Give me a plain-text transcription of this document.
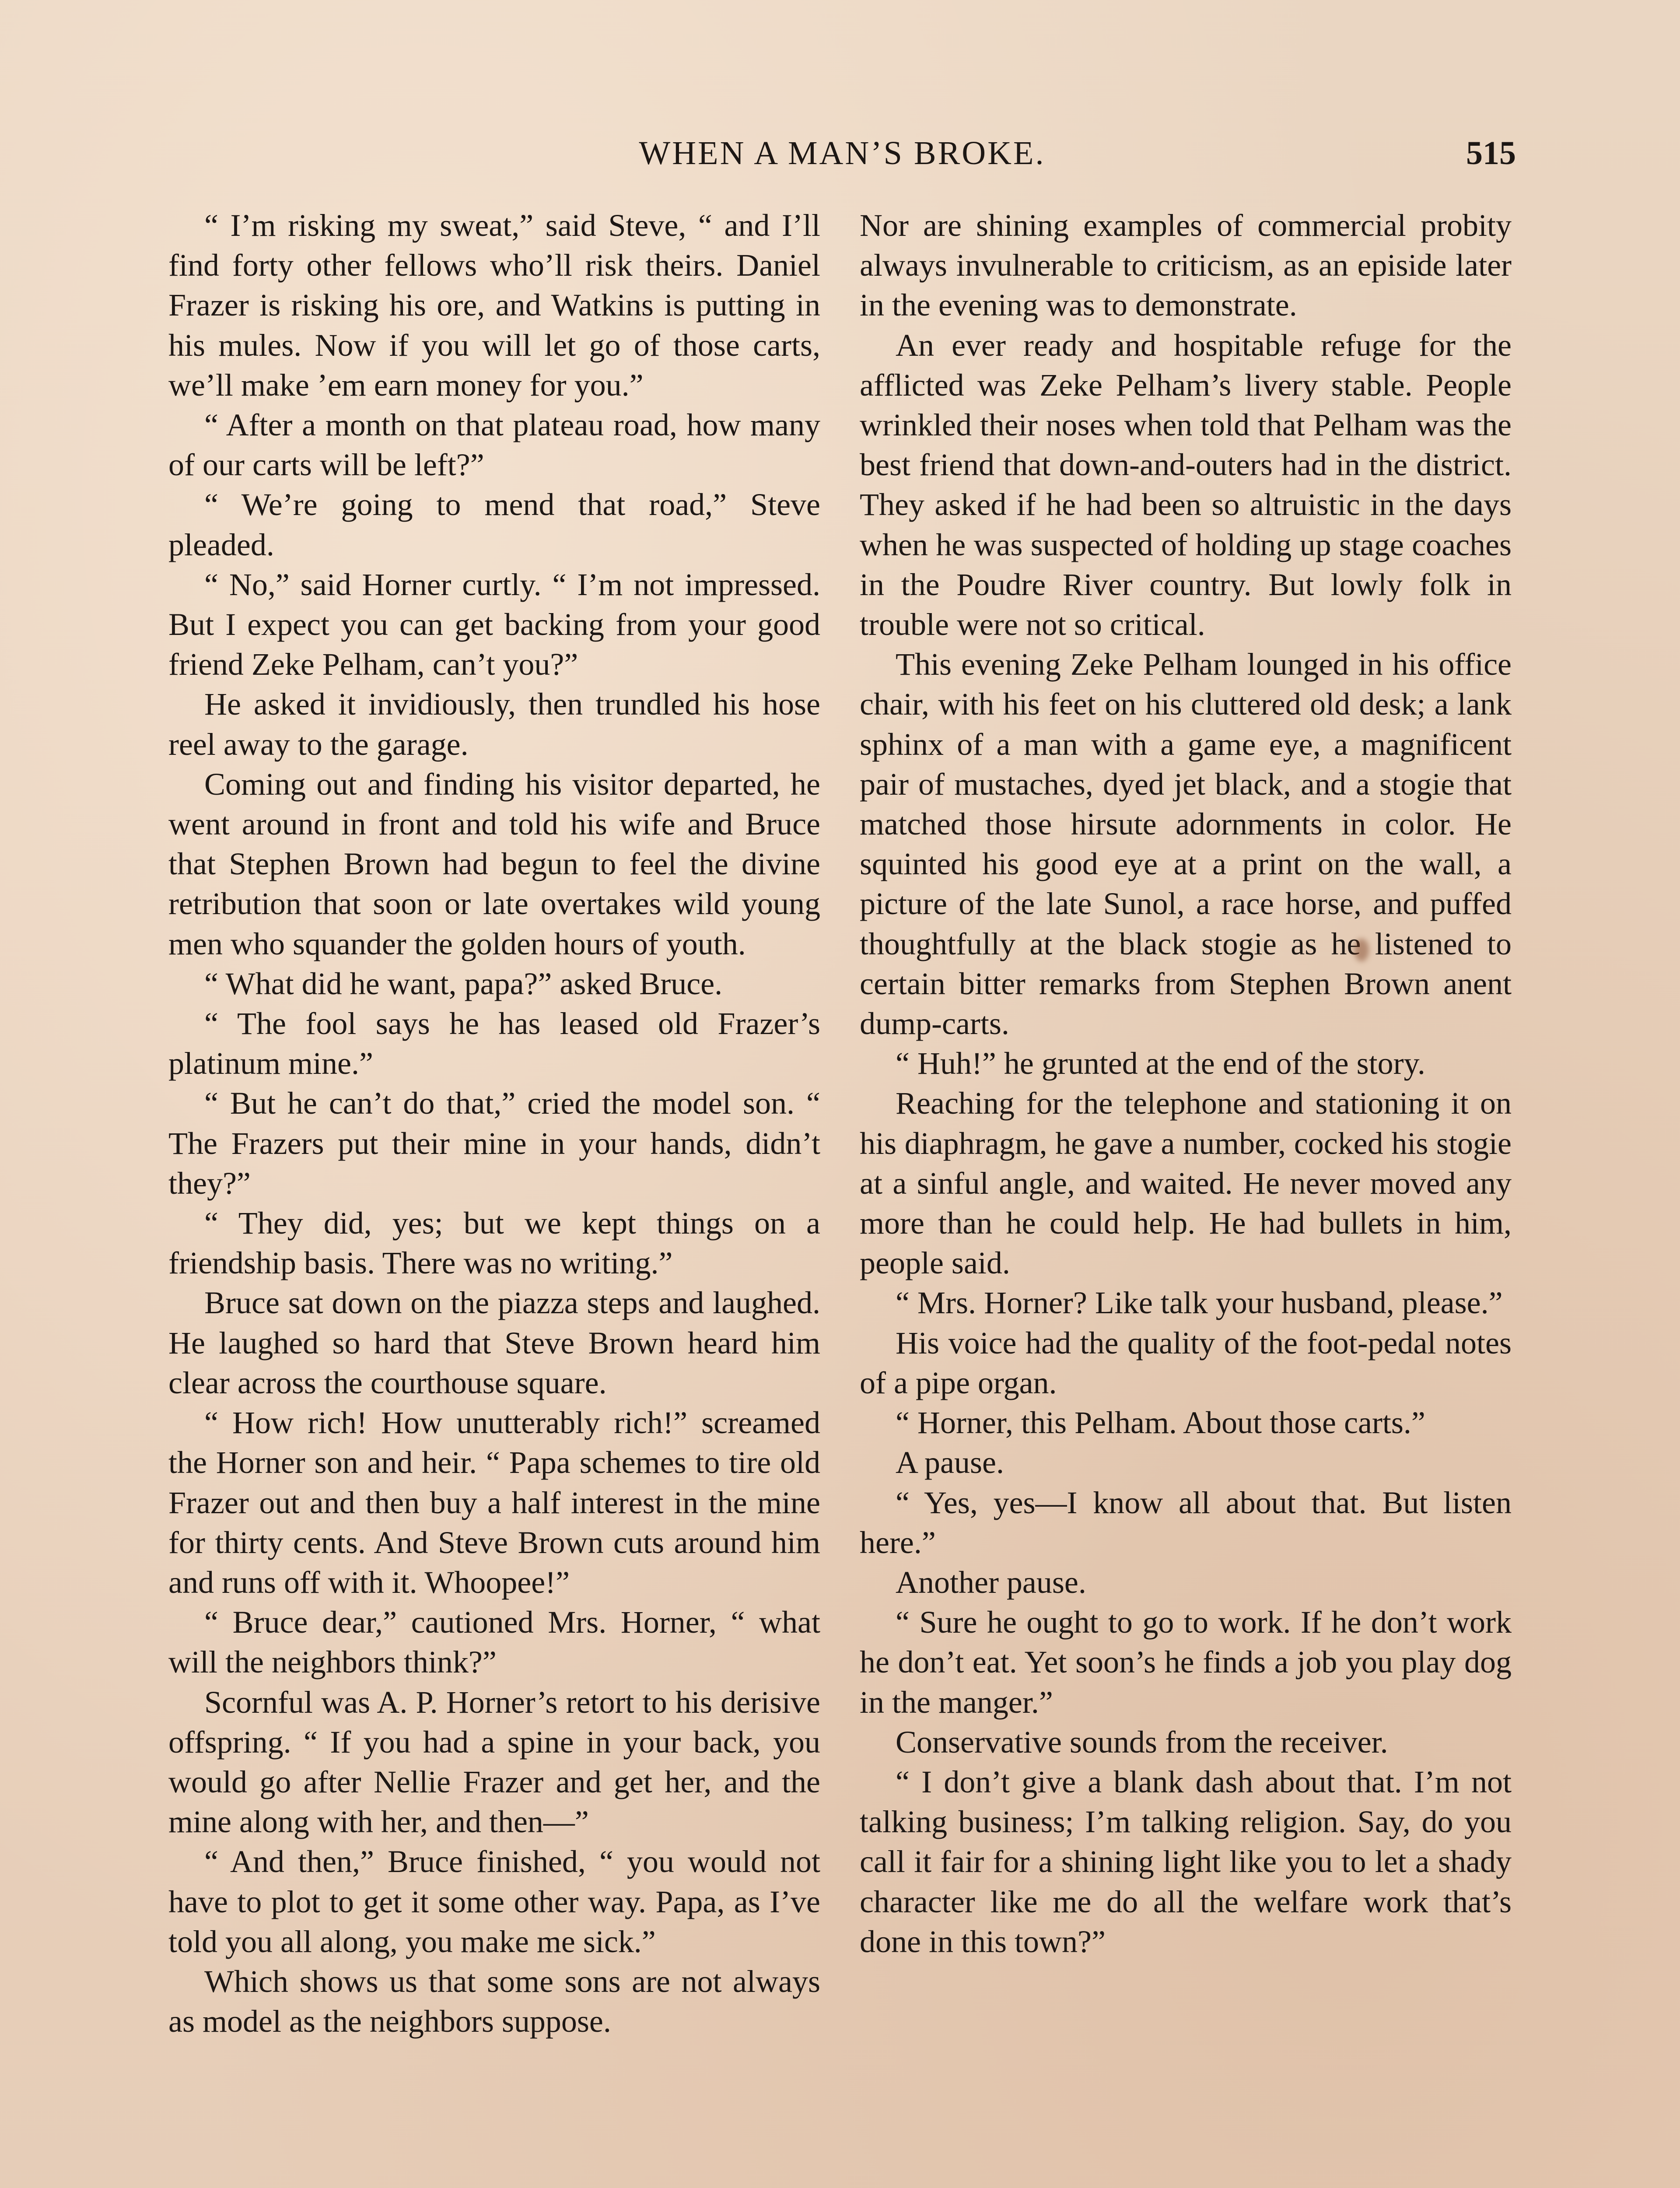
WHEN A MAN’S BROKE.	515

“ I’m risking my sweat,” said Steve, “ and I’ll find forty other fellows who’ll risk theirs. Daniel Frazer is risking his ore, and Watkins is putting in his mules. Now if you will let go of those carts, we’ll make ’em earn money for you.”

“ After a month on that plateau road, how many of our carts will be left?”

“ We’re going to mend that road,” Steve pleaded.

“ No,” said Horner curtly. “ I’m not impressed. But I expect you can get backing from your good friend Zeke Pelham, can’t you?”

He asked it invidiously, then trundled his hose reel away to the garage.

Coming out and finding his visitor departed, he went around in front and told his wife and Bruce that Stephen Brown had begun to feel the divine retribution that soon or late overtakes wild young men who squander the golden hours of youth.

“ What did he want, papa?” asked Bruce.

“ The fool says he has leased old Frazer’s platinum mine.”

“ But he can’t do that,” cried the model son. “ The Frazers put their mine in your hands, didn’t they?”

“ They did, yes; but we kept things on a friendship basis. There was no writing.”

Bruce sat down on the piazza steps and laughed. He laughed so hard that Steve Brown heard him clear across the courthouse square.

“ How rich! How unutterably rich!” screamed the Horner son and heir. “ Papa schemes to tire old Frazer out and then buy a half interest in the mine for thirty cents. And Steve Brown cuts around him and runs off with it. Whoopee!”

“ Bruce dear,” cautioned Mrs. Horner, “ what will the neighbors think?”

Scornful was A. P. Horner’s retort to his derisive offspring. “ If you had a spine in your back, you would go after Nellie Frazer and get her, and the mine along with her, and then—”

“ And then,” Bruce finished, “ you would not have to plot to get it some other way. Papa, as I’ve told you all along, you make me sick.”

Which shows us that some sons are not always as model as the neighbors suppose.

Nor are shining examples of commercial probity always invulnerable to criticism, as an episide later in the evening was to demonstrate.

An ever ready and hospitable refuge for the afflicted was Zeke Pelham’s livery stable. People wrinkled their noses when told that Pelham was the best friend that down-and-outers had in the district. They asked if he had been so altruistic in the days when he was suspected of holding up stage coaches in the Poudre River country. But lowly folk in trouble were not so critical.

This evening Zeke Pelham lounged in his office chair, with his feet on his cluttered old desk; a lank sphinx of a man with a game eye, a magnificent pair of mustaches, dyed jet black, and a stogie that matched those hirsute adornments in color. He squinted his good eye at a print on the wall, a picture of the late Sunol, a race horse, and puffed thoughtfully at the black stogie as he listened to certain bitter remarks from Stephen Brown anent dump-carts.

“ Huh!” he grunted at the end of the story.

Reaching for the telephone and stationing it on his diaphragm, he gave a number, cocked his stogie at a sinful angle, and waited. He never moved any more than he could help. He had bullets in him, people said.

“ Mrs. Horner? Like talk your husband, please.”

His voice had the quality of the foot-pedal notes of a pipe organ.

“ Horner, this Pelham. About those carts.”

A pause.

“ Yes, yes—I know all about that. But listen here.”

Another pause.

“ Sure he ought to go to work. If he don’t work he don’t eat. Yet soon’s he finds a job you play dog in the manger.”

Conservative sounds from the receiver.

“ I don’t give a blank dash about that. I’m not talking business; I’m talking religion. Say, do you call it fair for a shining light like you to let a shady character like me do all the welfare work that’s done in this town?”
